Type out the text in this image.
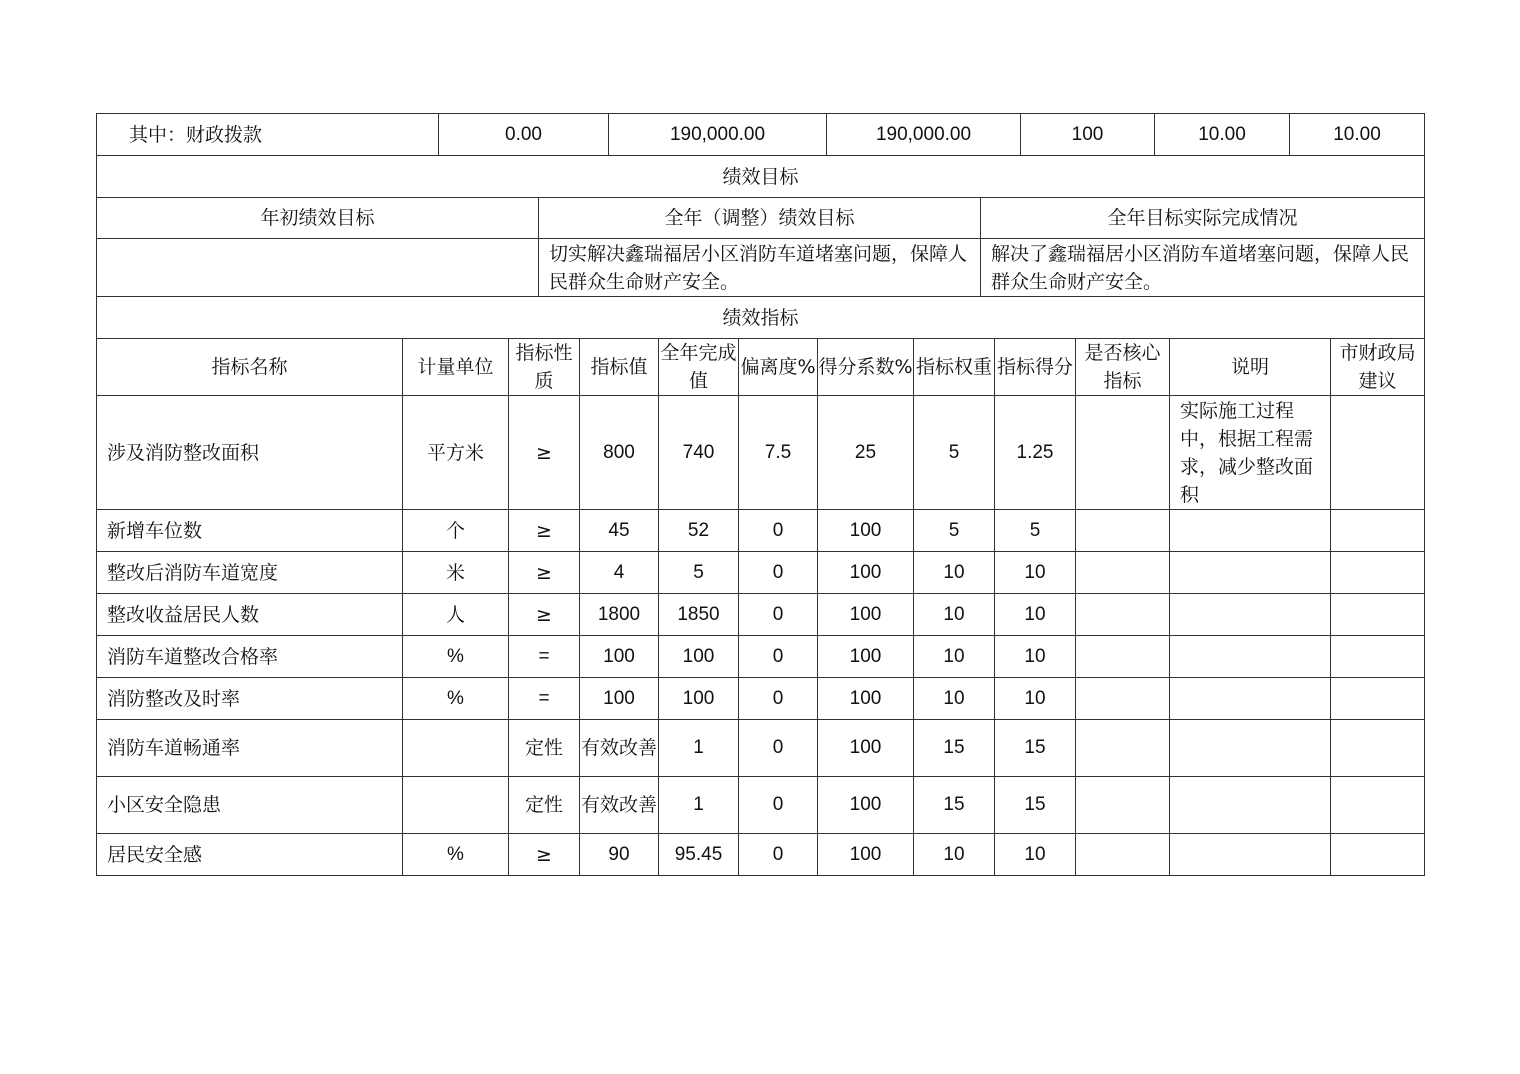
其中：财政拨款	0.00	190,000.00	190,000.00	100	10.00	10.00
绩效目标		
年初绩效目标	全年（调整）绩效目标	全年目标实际完成情况
	切实解决鑫瑞福居小区消防车道堵塞问题，保障人民群众生命财产安全。	解决了鑫瑞福居小区消防车道堵塞问题，保障人民群众生命财产安全。
绩效指标		
指标名称	计量单位	指标性质	指标值	全年完成值	偏离度%	得分系数%	指标权重	指标得分	是否核心指标	说明	市财政局建议
涉及消防整改面积	平方米	≥	800	740	7.5	25	5	1.25		实际施工过程中，根据工程需求，减少整改面积	
新增车位数	个	≥	45	52	0	100	5	5			
整改后消防车道宽度	米	≥	4	5	0	100	10	10			
整改收益居民人数	人	≥	1800	1850	0	100	10	10			
消防车道整改合格率	%	=	100	100	0	100	10	10			
消防整改及时率	%	=	100	100	0	100	10	10			
消防车道畅通率		定性	有效改善	1	0	100	15	15			
小区安全隐患		定性	有效改善	1	0	100	15	15			
居民安全感	%	≥	90	95.45	0	100	10	10			
